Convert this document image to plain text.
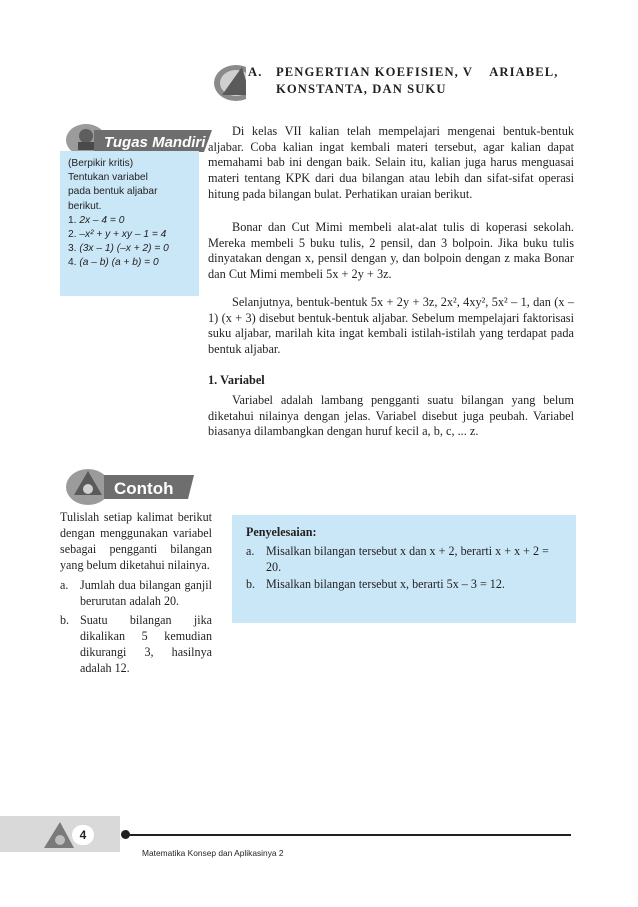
A.	PENGERTIAN KOEFISIEN, V    ARIABEL,
KONSTANTA, DAN SUKU
Tugas Mandiri
(Berpikir kritis)
Tentukan variabel
pada bentuk aljabar
berikut.
1. 2x – 4 = 0
2. –x² + y + xy – 1 = 4
3. (3x – 1) (–x + 2) = 0
4. (a – b) (a + b) = 0
Di kelas VII kalian telah mempelajari mengenai bentuk-bentuk aljabar. Coba kalian ingat kembali materi tersebut, agar kalian dapat memahami bab ini dengan baik. Selain itu, kalian juga harus menguasai materi tentang KPK dari dua bilangan atau lebih dan sifat-sifat operasi hitung pada bilangan bulat. Perhatikan uraian berikut.
Bonar dan Cut Mimi membeli alat-alat tulis di koperasi sekolah. Mereka membeli 5 buku tulis, 2 pensil, dan 3 bolpoin. Jika buku tulis dinyatakan dengan x, pensil dengan y, dan bolpoin dengan z maka Bonar dan Cut Mimi membeli 5x + 2y + 3z.
Selanjutnya, bentuk-bentuk 5x + 2y + 3z, 2x², 4xy², 5x² – 1, dan (x – 1) (x + 3) disebut bentuk-bentuk aljabar. Sebelum mempelajari faktorisasi suku aljabar, marilah kita ingat kembali istilah-istilah yang terdapat pada bentuk aljabar.
1. Variabel
Variabel adalah lambang pengganti suatu bilangan yang belum diketahui nilainya dengan jelas. Variabel disebut juga peubah. Variabel biasanya dilambangkan dengan huruf kecil a, b, c, ... z.
Contoh
Tulislah setiap kalimat berikut dengan menggunakan variabel sebagai pengganti bilangan yang belum diketahui nilainya.
a. Jumlah dua bilangan ganjil berurutan adalah 20.
b. Suatu bilangan jika dikalikan 5 kemudian dikurangi 3, hasilnya adalah 12.
Penyelesaian:
a. Misalkan bilangan tersebut x dan x + 2, berarti x + x + 2 = 20.
b. Misalkan bilangan tersebut x, berarti 5x – 3 = 12.
4
Matematika Konsep dan Aplikasinya 2
